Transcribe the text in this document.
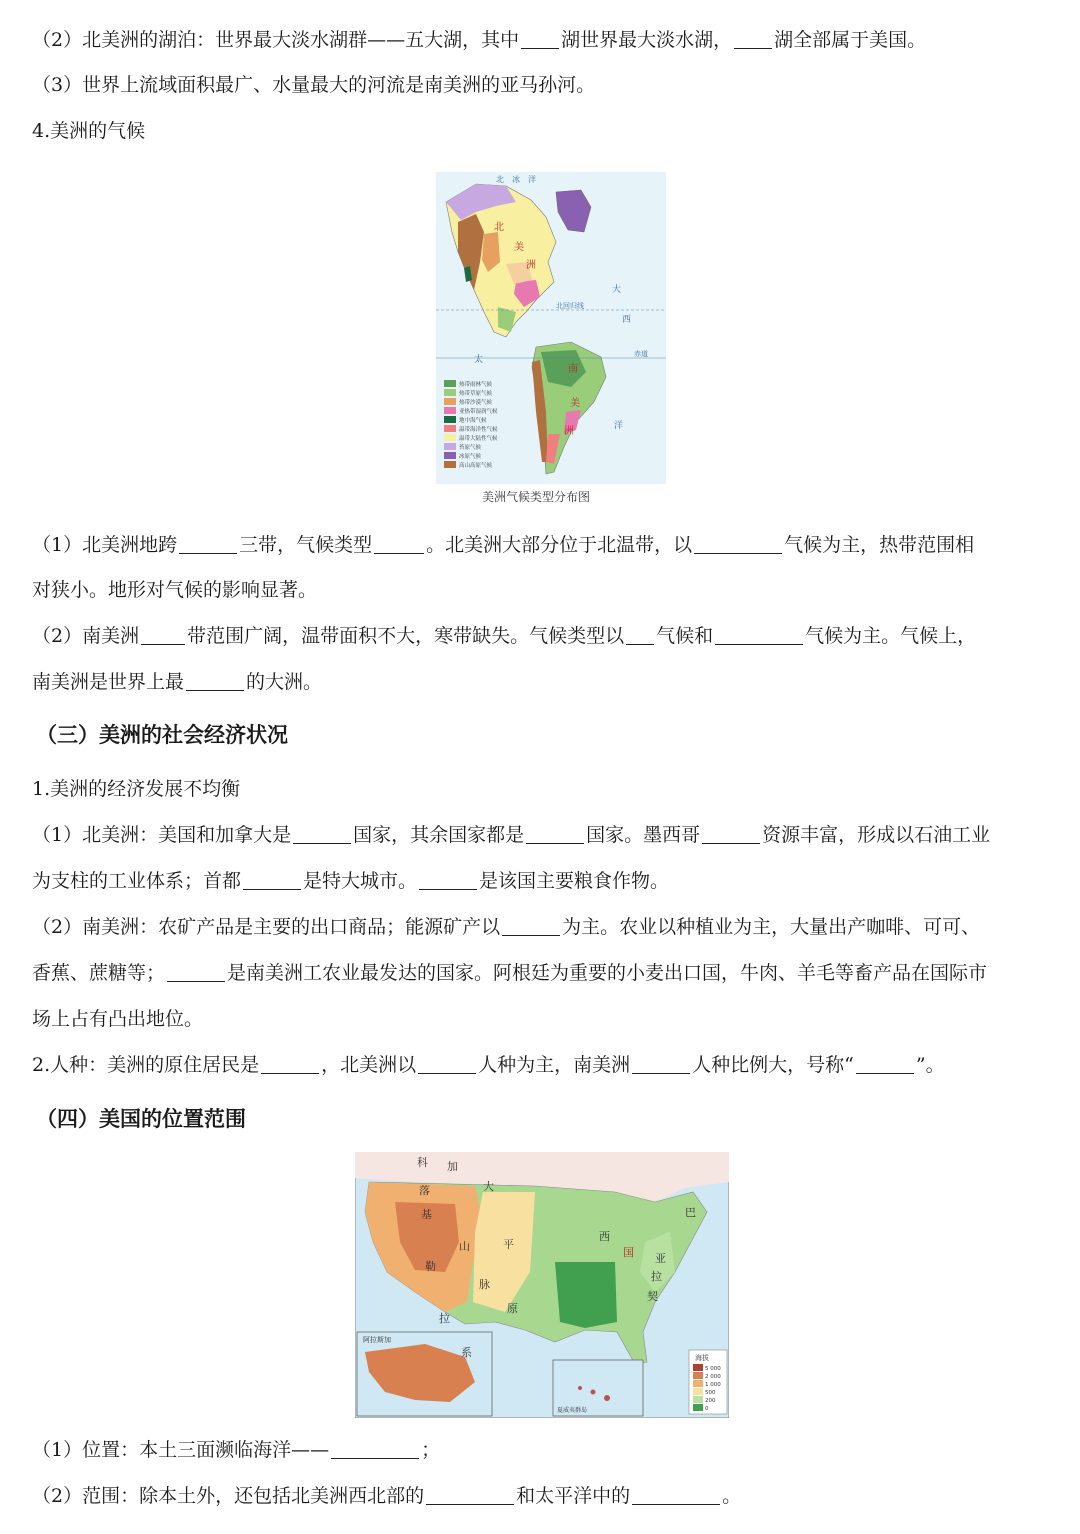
（2）北美洲的湖泊：世界最大淡水湖群——五大湖，其中 湖世界最大淡水湖， 湖全部属于美国。
（3）世界上流域面积最广、水量最大的河流是南美洲的亚马孙河。
4.美洲的气候
北　冰　洋
北
美
洲
南
美
洲
赤道
北回归线
太
大
西
洋
热带雨林气候
热带草原气候
热带沙漠气候
亚热带湿润气候
地中海气候
温带海洋性气候
温带大陆性气候
苔原气候
冰原气候
高山高原气候
美洲气候类型分布图
（1）北美洲地跨	三带，气候类型	。北美洲大部分位于北温带，以	气候为主，热带范围相
对狭小。地形对气候的影响显著。
（2）南美洲	带范围广阔，温带面积不大，寒带缺失。气候类型以 气候和	气候为主。气候上，
南美洲是世界上最	的大洲。
（三）美洲的社会经济状况
1.美洲的经济发展不均衡
（1）北美洲：美国和加拿大是	国家，其余国家都是	国家。墨西哥	资源丰富，形成以石油工业
为支柱的工业体系；首都	是特大城市。	是该国主要粮食作物。
（2）南美洲：农矿产品是主要的出口商品；能源矿产以	为主。农业以种植业为主，大量出产咖啡、可可、
香蕉、蔗糖等；	是南美洲工农业最发达的国家。阿根廷为重要的小麦出口国，牛肉、羊毛等畜产品在国际市
场上占有凸出地位。
2.人种：美洲的原住居民是	，北美洲以	人种为主，南美洲	人种比例大，号称“	”。
（四）美国的位置范围
阿拉斯加
夏威夷群岛
科 加
大
落
基
山
勒
拉
平
原
脉
系
巴
国 亚
拉
契
西
海拔
5 000
2 000
1 000
500
200
0
（1）位置：本土三面濒临海洋——	；
（2）范围：除本土外，还包括北美洲西北部的	和太平洋中的	。
